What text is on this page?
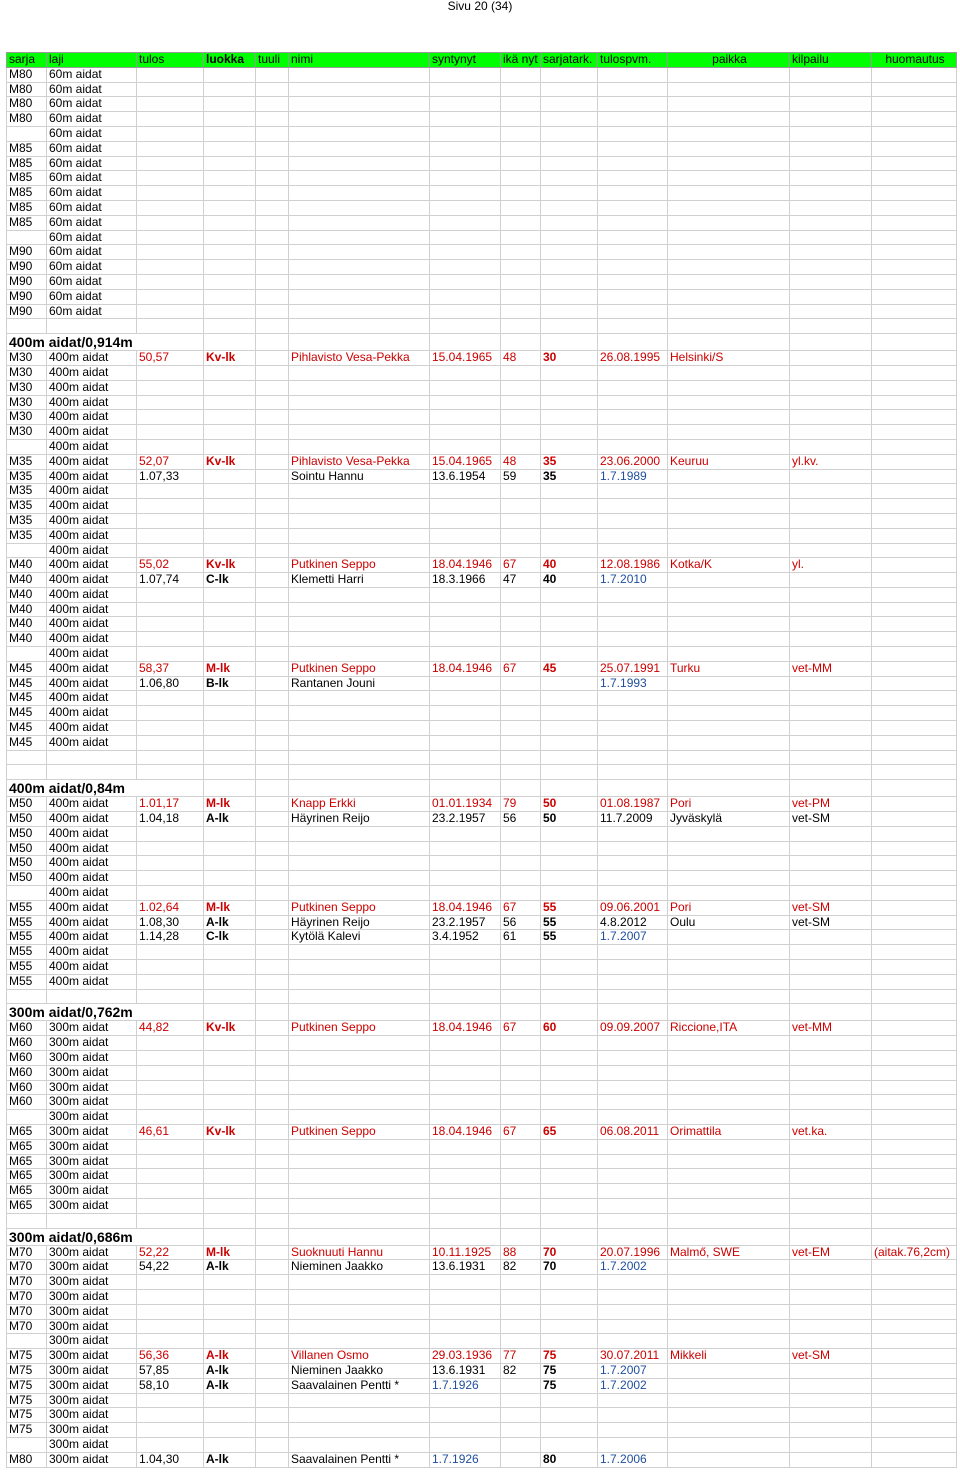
Sivu 20 (34)
sarja	laji	tulos	luokka	tuuli	nimi	syntynyt	ikä nyt	sarjatark.	tulospvm.	paikka	kilpailu	huomautus
M80	60m aidat											
M80	60m aidat											
M80	60m aidat											
M80	60m aidat											
	60m aidat											
M85	60m aidat											
M85	60m aidat											
M85	60m aidat											
M85	60m aidat											
M85	60m aidat											
M85	60m aidat											
	60m aidat											
M90	60m aidat											
M90	60m aidat											
M90	60m aidat											
M90	60m aidat											
M90	60m aidat											

400m aidat/0,914m												
M30	400m aidat	50,57	Kv-lk		Pihlavisto Vesa-Pekka	15.04.1965	48	30	26.08.1995	Helsinki/S		
M30	400m aidat											
M30	400m aidat											
M30	400m aidat											
M30	400m aidat											
M30	400m aidat											
	400m aidat											
M35	400m aidat	52,07	Kv-lk		Pihlavisto Vesa-Pekka	15.04.1965	48	35	23.06.2000	Keuruu	yl.kv.	
M35	400m aidat	1.07,33			Sointu Hannu	13.6.1954	59	35	1.7.1989			
M35	400m aidat											
M35	400m aidat											
M35	400m aidat											
M35	400m aidat											
	400m aidat											
M40	400m aidat	55,02	Kv-lk		Putkinen Seppo	18.04.1946	67	40	12.08.1986	Kotka/K	yl.	
M40	400m aidat	1.07,74	C-lk		Klemetti Harri	18.3.1966	47	40	1.7.2010			
M40	400m aidat											
M40	400m aidat											
M40	400m aidat											
M40	400m aidat											
	400m aidat											
M45	400m aidat	58,37	M-lk		Putkinen Seppo	18.04.1946	67	45	25.07.1991	Turku	vet-MM	
M45	400m aidat	1.06,80	B-lk		Rantanen Jouni				1.7.1993			
M45	400m aidat											
M45	400m aidat											
M45	400m aidat											
M45	400m aidat											

400m aidat/0,84m												
M50	400m aidat	1.01,17	M-lk		Knapp Erkki	01.01.1934	79	50	01.08.1987	Pori	vet-PM	
M50	400m aidat	1.04,18	A-lk		Häyrinen Reijo	23.2.1957	56	50	11.7.2009	Jyväskylä	vet-SM	
M50	400m aidat											
M50	400m aidat											
M50	400m aidat											
M50	400m aidat											
	400m aidat											
M55	400m aidat	1.02,64	M-lk		Putkinen Seppo	18.04.1946	67	55	09.06.2001	Pori	vet-SM	
M55	400m aidat	1.08,30	A-lk		Häyrinen Reijo	23.2.1957	56	55	4.8.2012	Oulu	vet-SM	
M55	400m aidat	1.14,28	C-lk		Kytölä Kalevi	3.4.1952	61	55	1.7.2007			
M55	400m aidat											
M55	400m aidat											
M55	400m aidat											

300m aidat/0,762m												
M60	300m aidat	44,82	Kv-lk		Putkinen Seppo	18.04.1946	67	60	09.09.2007	Riccione,ITA	vet-MM	
M60	300m aidat											
M60	300m aidat											
M60	300m aidat											
M60	300m aidat											
M60	300m aidat											
	300m aidat											
M65	300m aidat	46,61	Kv-lk		Putkinen Seppo	18.04.1946	67	65	06.08.2011	Orimattila	vet.ka.	
M65	300m aidat											
M65	300m aidat											
M65	300m aidat											
M65	300m aidat											
M65	300m aidat											

300m aidat/0,686m												
M70	300m aidat	52,22	M-lk		Suoknuuti Hannu	10.11.1925	88	70	20.07.1996	Malmő, SWE	vet-EM	(aitak.76,2cm)
M70	300m aidat	54,22	A-lk		Nieminen Jaakko	13.6.1931	82	70	1.7.2002			
M70	300m aidat											
M70	300m aidat											
M70	300m aidat											
M70	300m aidat											
	300m aidat											
M75	300m aidat	56,36	A-lk		Villanen Osmo	29.03.1936	77	75	30.07.2011	Mikkeli	vet-SM	
M75	300m aidat	57,85	A-lk		Nieminen Jaakko	13.6.1931	82	75	1.7.2007			
M75	300m aidat	58,10	A-lk		Saavalainen Pentti *	1.7.1926		75	1.7.2002			
M75	300m aidat											
M75	300m aidat											
M75	300m aidat											
	300m aidat											
M80	300m aidat	1.04,30	A-lk		Saavalainen Pentti *	1.7.1926		80	1.7.2006			
